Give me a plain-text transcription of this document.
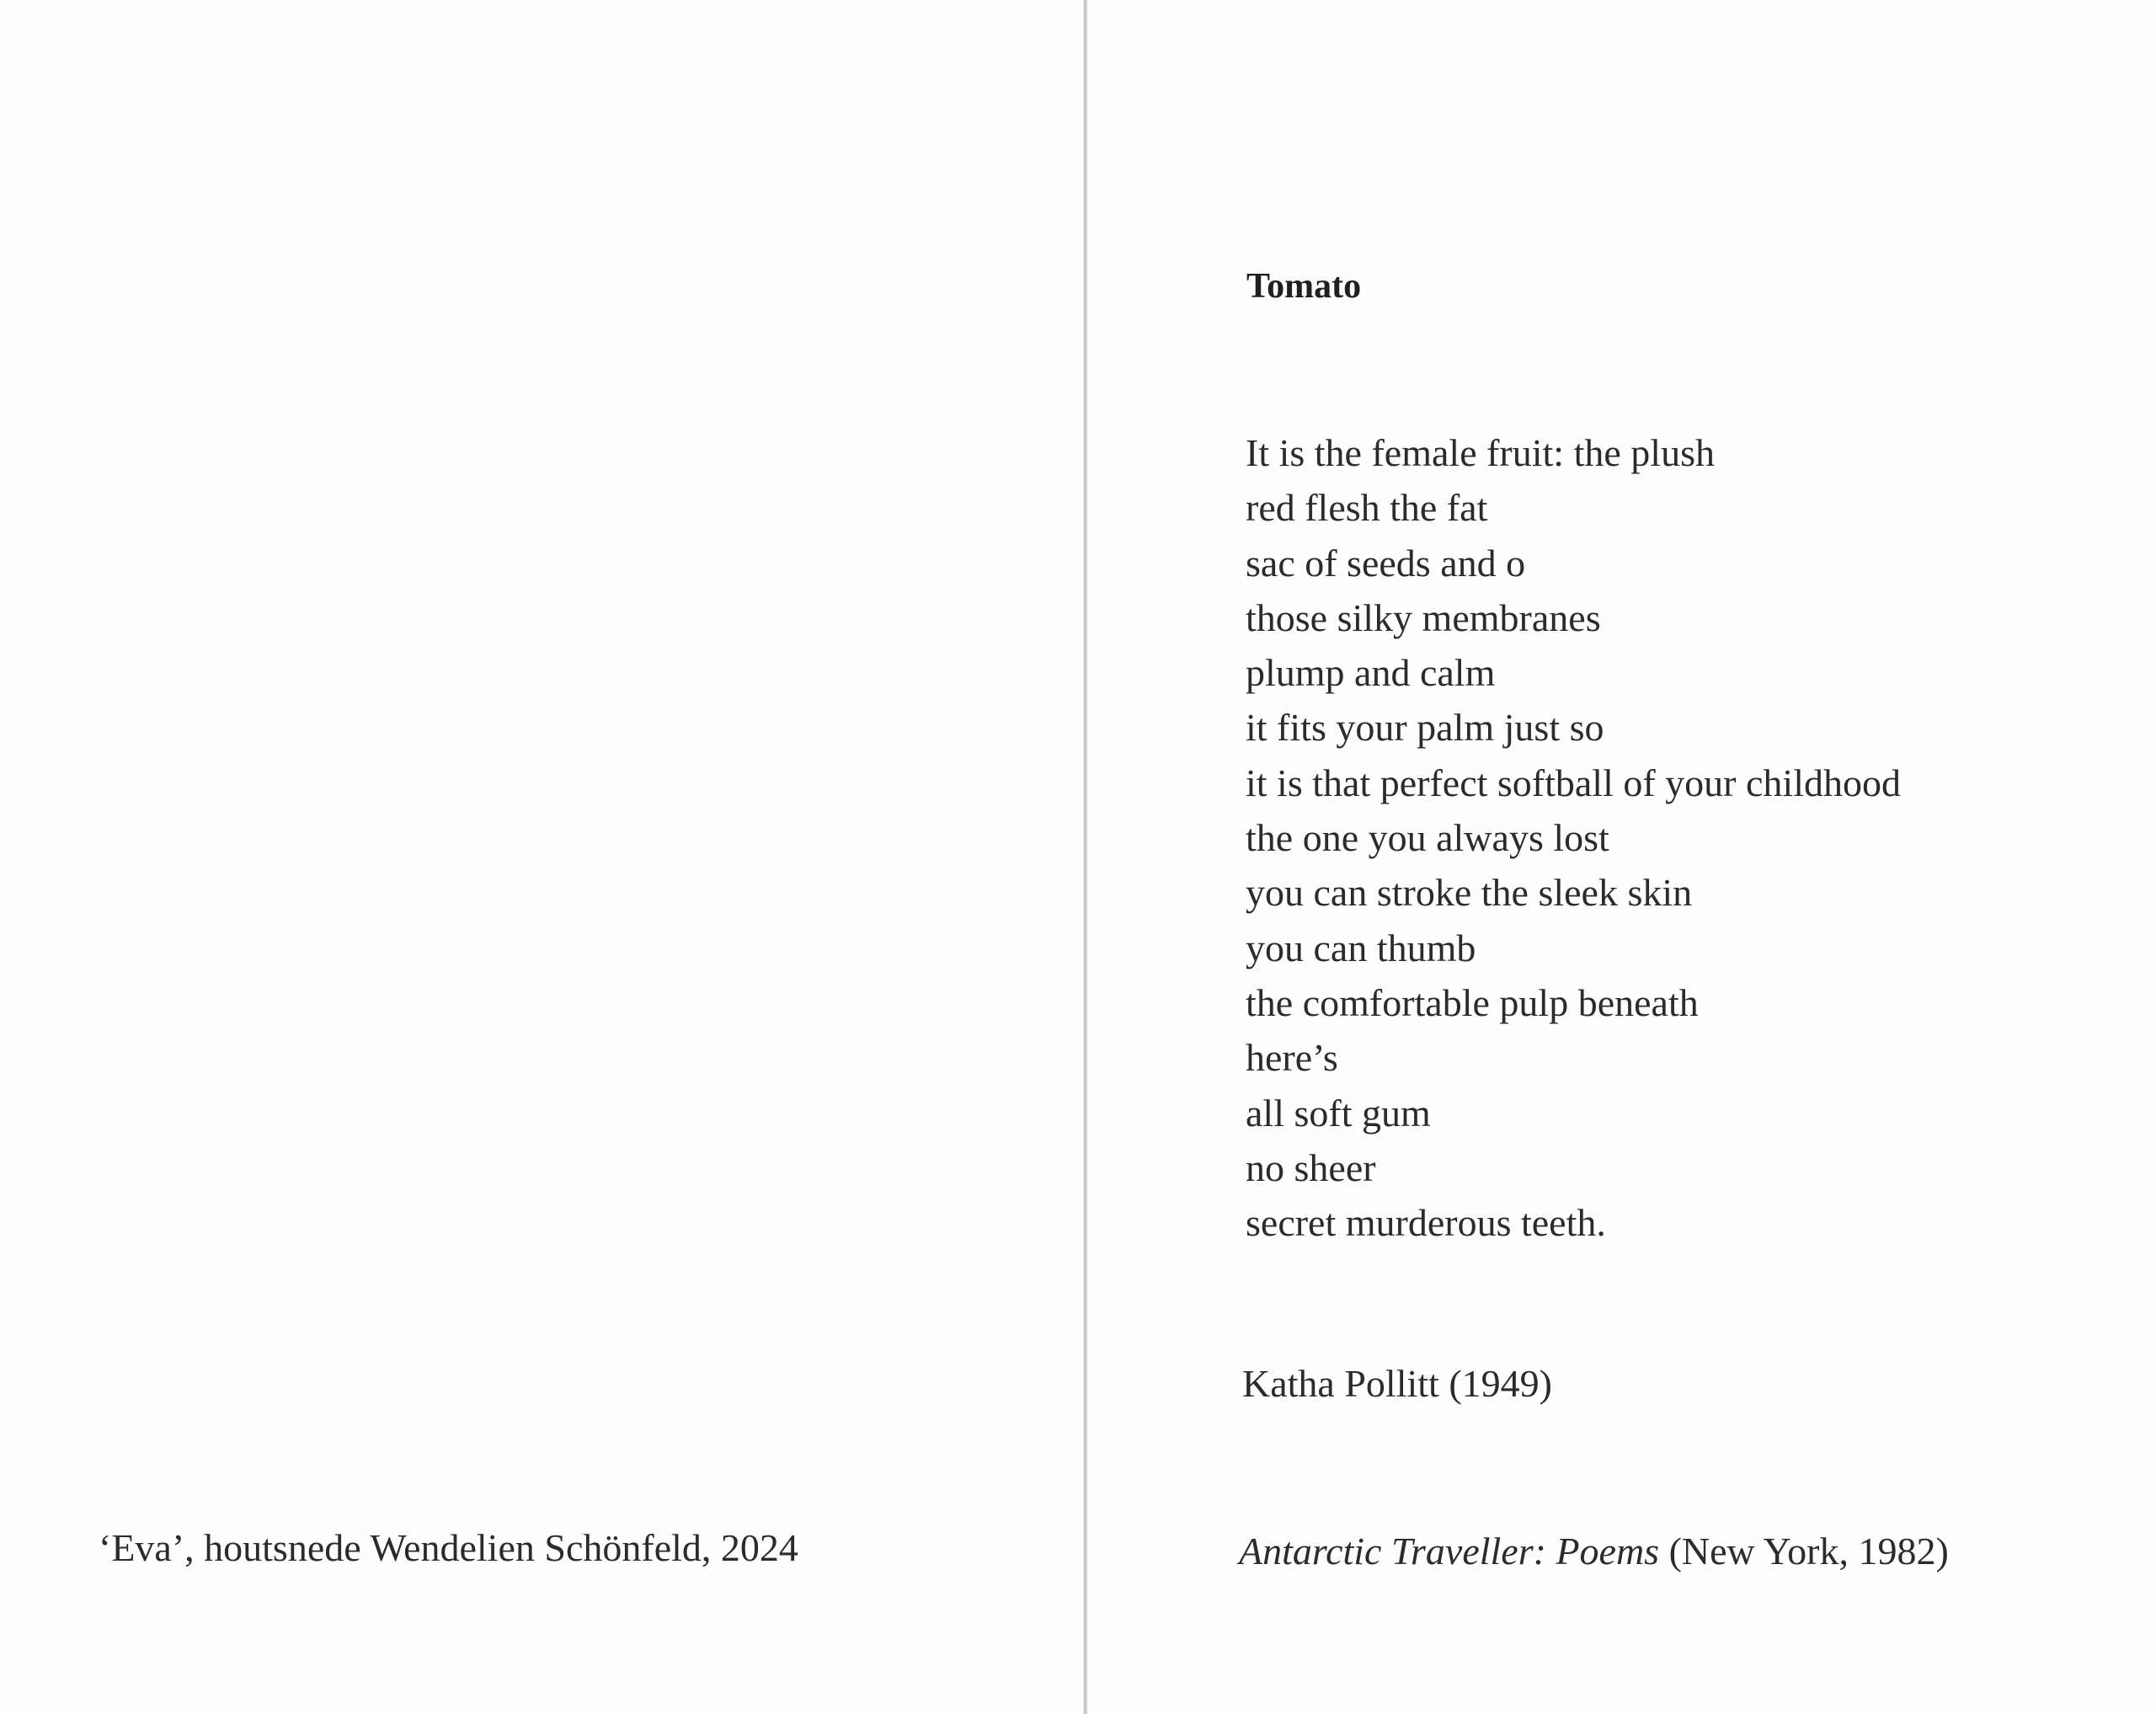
‘Eva’, houtsnede Wendelien Schönfeld, 2024
Tomato
It is the female fruit: the plush
red flesh the fat
sac of seeds and o
those silky membranes
plump and calm
it fits your palm just so
it is that perfect softball of your childhood
the one you always lost
you can stroke the sleek skin
you can thumb
the comfortable pulp beneath
here’s
all soft gum
no sheer
secret murderous teeth.
Katha Pollitt (1949)
Antarctic Traveller: Poems (New York, 1982)
